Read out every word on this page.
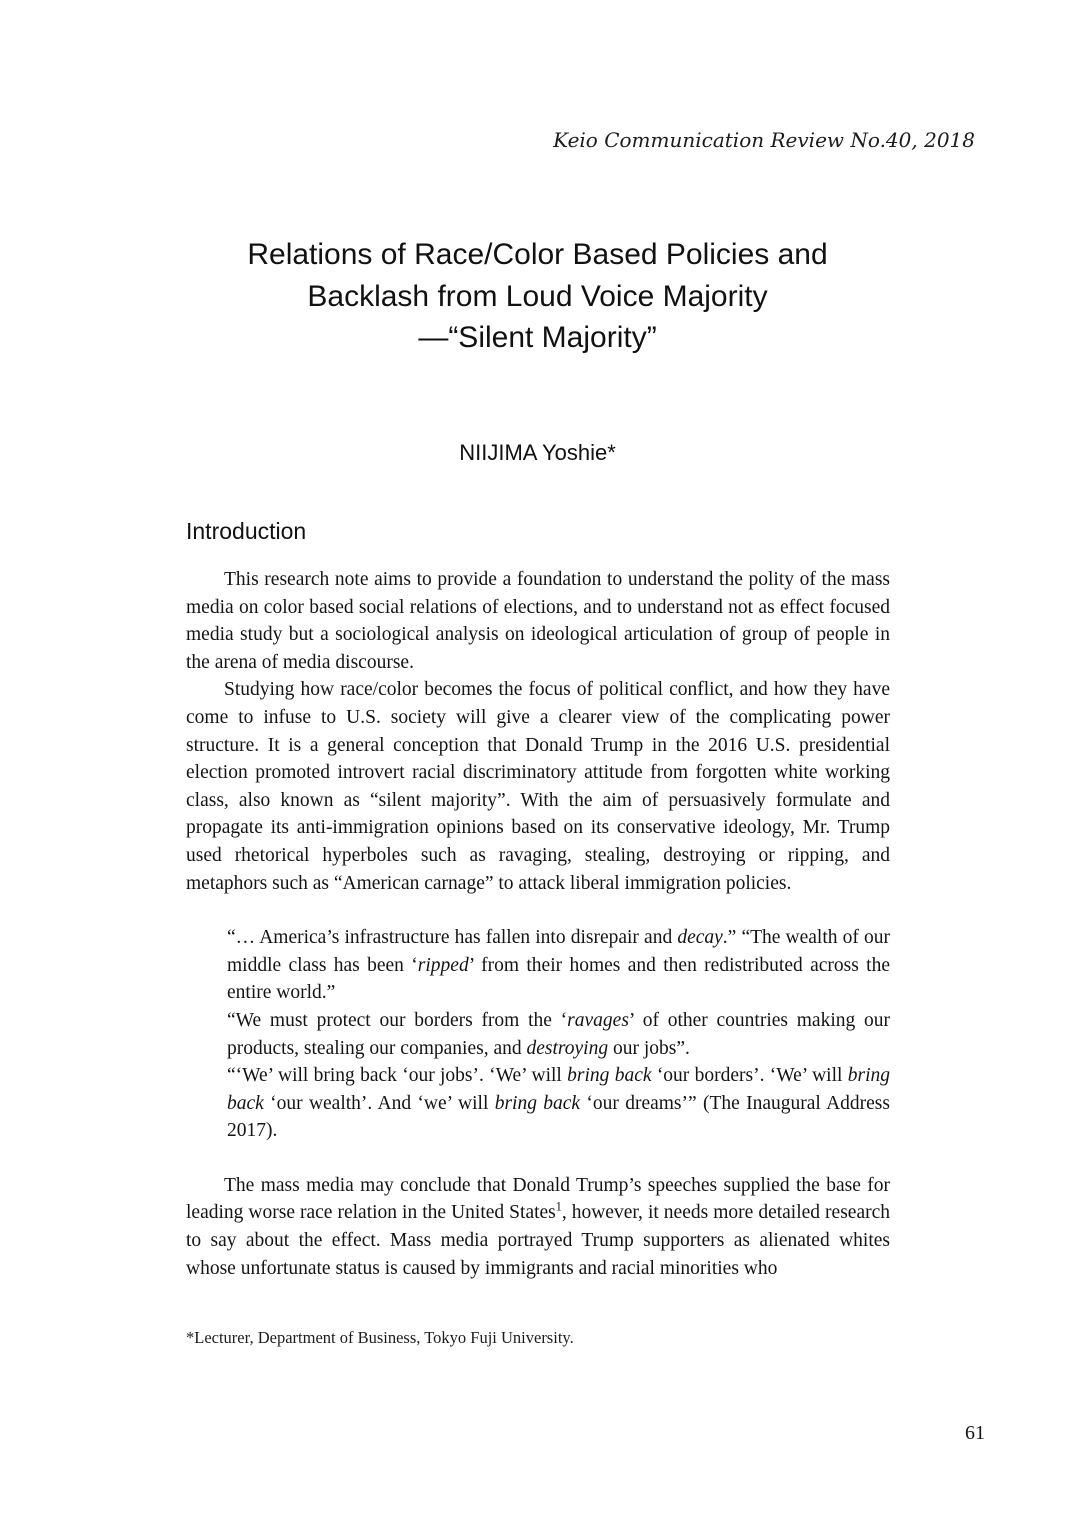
Keio Communication Review No.40, 2018
Relations of Race/Color Based Policies and
Backlash from Loud Voice Majority
—“Silent Majority”
NIIJIMA Yoshie*
Introduction

This research note aims to provide a foundation to understand the polity of the mass media on color based social relations of elections, and to understand not as effect focused media study but a sociological analysis on ideological articulation of group of people in the arena of media discourse.

Studying how race/color becomes the focus of political conflict, and how they have come to infuse to U.S. society will give a clearer view of the complicating power structure. It is a general conception that Donald Trump in the 2016 U.S. presidential election promoted introvert racial discriminatory attitude from forgotten white working class, also known as “silent majority”. With the aim of persuasively formulate and propagate its anti-immigration opinions based on its conservative ideology, Mr. Trump used rhetorical hyperboles such as ravaging, stealing, destroying or ripping, and metaphors such as “American carnage” to attack liberal immigration policies.

“… America’s infrastructure has fallen into disrepair and decay.” “The wealth of our middle class has been ‘ripped’ from their homes and then redistributed across the entire world.”

“We must protect our borders from the ‘ravages’ of other countries making our products, stealing our companies, and destroying our jobs”.

“‘We’ will bring back ‘our jobs’. ‘We’ will bring back ‘our borders’. ‘We’ will bring back ‘our wealth’. And ‘we’ will bring back ‘our dreams’” (The Inaugural Address 2017).

The mass media may conclude that Donald Trump’s speeches supplied the base for leading worse race relation in the United States$^1$, however, it needs more detailed research to say about the effect. Mass media portrayed Trump supporters as alienated whites whose unfortunate status is caused by immigrants and racial minorities who

*Lecturer, Department of Business, Tokyo Fuji University.
61
